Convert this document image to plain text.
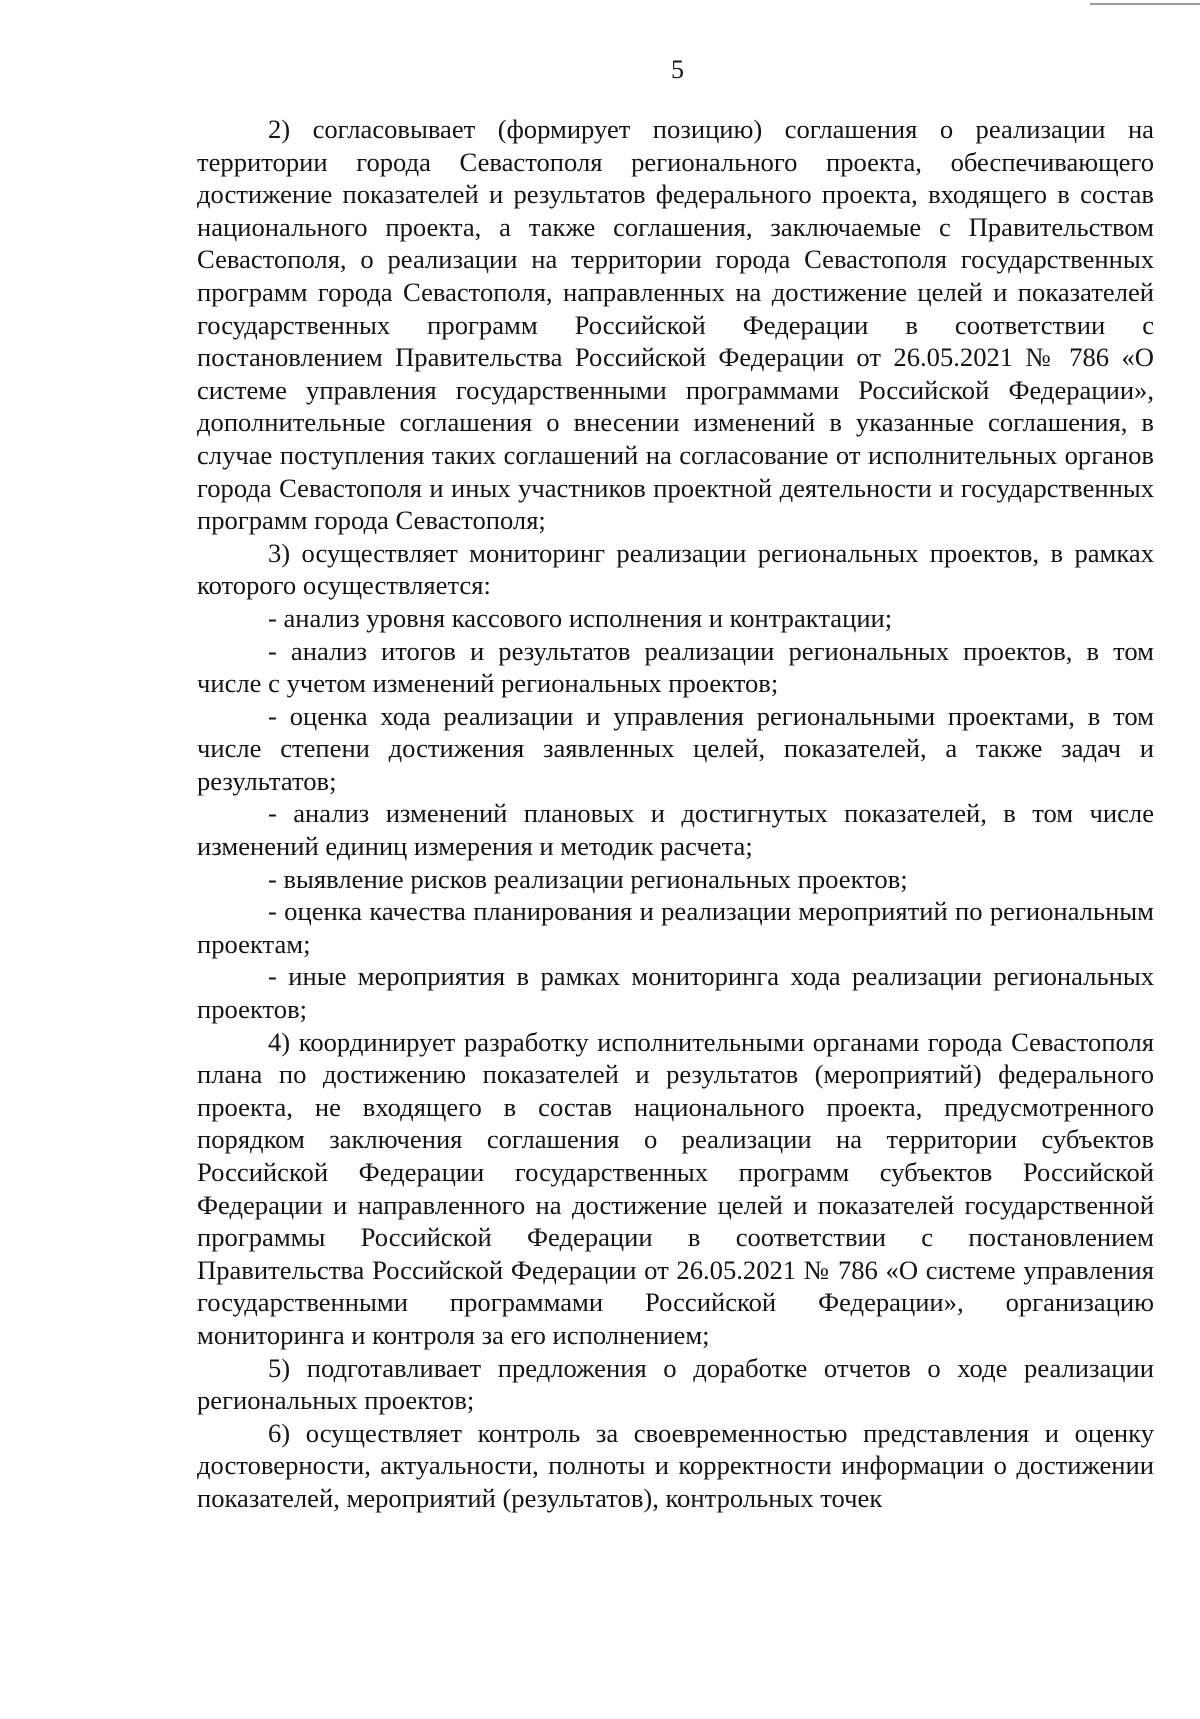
5

2) согласовывает (формирует позицию) соглашения о реализации на территории города Севастополя регионального проекта, обеспечивающего достижение показателей и результатов федерального проекта, входящего в состав национального проекта, а также соглашения, заключаемые с Правительством Севастополя, о реализации на территории города Севастополя государственных программ города Севастополя, направленных на достижение целей и показателей государственных программ Российской Федерации в соответствии с постановлением Правительства Российской Федерации от 26.05.2021 № 786 «О системе управления государственными программами Российской Федерации», дополнительные соглашения о внесении изменений в указанные соглашения, в случае поступления таких соглашений на согласование от исполнительных органов города Севастополя и иных участников проектной деятельности и государственных программ города Севастополя;

3) осуществляет мониторинг реализации региональных проектов, в рамках которого осуществляется:

- анализ уровня кассового исполнения и контрактации;

- анализ итогов и результатов реализации региональных проектов, в том числе с учетом изменений региональных проектов;

- оценка хода реализации и управления региональными проектами, в том числе степени достижения заявленных целей, показателей, а также задач и результатов;

- анализ изменений плановых и достигнутых показателей, в том числе изменений единиц измерения и методик расчета;

- выявление рисков реализации региональных проектов;

- оценка качества планирования и реализации мероприятий по региональным проектам;

- иные мероприятия в рамках мониторинга хода реализации региональных проектов;

4) координирует разработку исполнительными органами города Севастополя плана по достижению показателей и результатов (мероприятий) федерального проекта, не входящего в состав национального проекта, предусмотренного порядком заключения соглашения о реализации на территории субъектов Российской Федерации государственных программ субъектов Российской Федерации и направленного на достижение целей и показателей государственной программы Российской Федерации в соответствии с постановлением Правительства Российской Федерации от 26.05.2021 № 786 «О системе управления государственными программами Российской Федерации», организацию мониторинга и контроля за его исполнением;

5) подготавливает предложения о доработке отчетов о ходе реализации региональных проектов;

6) осуществляет контроль за своевременностью представления и оценку достоверности, актуальности, полноты и корректности информации о достижении показателей, мероприятий (результатов), контрольных точек
